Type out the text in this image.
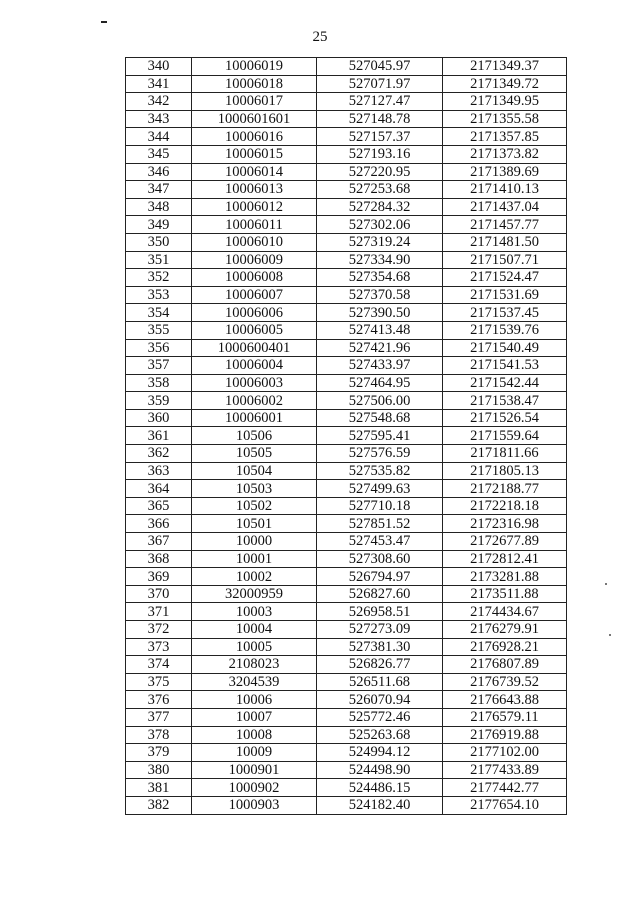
25
340	10006019	527045.97	2171349.37
341	10006018	527071.97	2171349.72
342	10006017	527127.47	2171349.95
343	1000601601	527148.78	2171355.58
344	10006016	527157.37	2171357.85
345	10006015	527193.16	2171373.82
346	10006014	527220.95	2171389.69
347	10006013	527253.68	2171410.13
348	10006012	527284.32	2171437.04
349	10006011	527302.06	2171457.77
350	10006010	527319.24	2171481.50
351	10006009	527334.90	2171507.71
352	10006008	527354.68	2171524.47
353	10006007	527370.58	2171531.69
354	10006006	527390.50	2171537.45
355	10006005	527413.48	2171539.76
356	1000600401	527421.96	2171540.49
357	10006004	527433.97	2171541.53
358	10006003	527464.95	2171542.44
359	10006002	527506.00	2171538.47
360	10006001	527548.68	2171526.54
361	10506	527595.41	2171559.64
362	10505	527576.59	2171811.66
363	10504	527535.82	2171805.13
364	10503	527499.63	2172188.77
365	10502	527710.18	2172218.18
366	10501	527851.52	2172316.98
367	10000	527453.47	2172677.89
368	10001	527308.60	2172812.41
369	10002	526794.97	2173281.88
370	32000959	526827.60	2173511.88
371	10003	526958.51	2174434.67
372	10004	527273.09	2176279.91
373	10005	527381.30	2176928.21
374	2108023	526826.77	2176807.89
375	3204539	526511.68	2176739.52
376	10006	526070.94	2176643.88
377	10007	525772.46	2176579.11
378	10008	525263.68	2176919.88
379	10009	524994.12	2177102.00
380	1000901	524498.90	2177433.89
381	1000902	524486.15	2177442.77
382	1000903	524182.40	2177654.10
